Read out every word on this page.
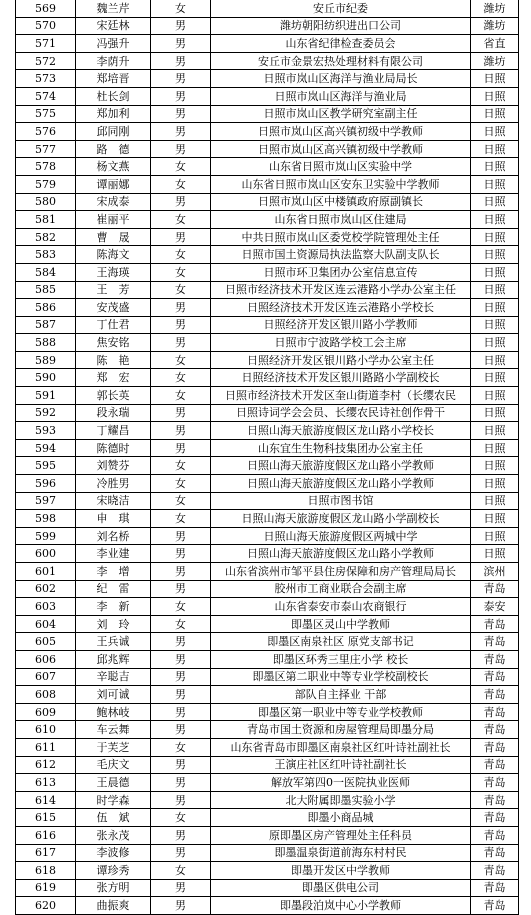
569	魏兰芹	女	安丘市纪委	潍坊
570	宋廷林	男	潍坊朝阳纺织进出口公司	潍坊
571	冯强升	男	山东省纪律检查委员会	省直
572	李荫升	男	安丘市金景宏热处理材料有限公司	潍坊
573	郑培晋	男	日照市岚山区海洋与渔业局局长	日照
574	杜长剑	男	日照市岚山区海洋与渔业局	日照
575	郑加利	男	日照市岚山区教学研究室副主任	日照
576	邱同刚	男	日照市岚山区高兴镇初级中学教师	日照
577	路　德	男	日照市岚山区高兴镇初级中学教师	日照
578	杨文燕	女	山东省日照市岚山区实验中学	日照
579	谭丽娜	女	山东省日照市岚山区安东卫实验中学教师	日照
580	宋成泰	男	日照市岚山区中楼镇政府原副镇长	日照
581	崔丽平	女	山东省日照市岚山区住建局	日照
582	曹　晟	男	中共日照市岚山区委党校学院管理处主任	日照
583	陈海文	女	日照市国土资源局执法监察大队副支队长	日照
584	王海瑛	女	日照市环卫集团办公室信息宣传	日照
585	王　芳	女	日照市经济技术开发区连云港路小学办公室主任	日照
586	安茂盛	男	日照经济技术开发区连云港路小学校长	日照
587	丁仕君	男	日照经济开发区银川路小学教师	日照
588	焦安铭	男	日照市宁波路学校工会主席	日照
589	陈　艳	女	日照经济开发区银川路小学办公室主任	日照
590	郑　宏	女	日照经济技术开发区银川路路小学副校长	日照
591	郭长英	女	日照市经济技术开发区奎山街道李村（长缨农民	日照
592	段永瑞	男	日照诗词学会会员、长缨农民诗社创作骨干	日照
593	丁耀昌	男	日照山海天旅游度假区龙山路小学校长	日照
594	陈德时	男	山东宜生生物科技集团办公室主任	日照
595	刘赞芬	女	日照山海天旅游度假区龙山路小学教师	日照
596	冷胜男	女	日照山海天旅游度假区龙山路小学教师	日照
597	宋晓洁	女	日照市图书馆	日照
598	申　琪	女	日照山海天旅游度假区龙山路小学副校长	日照
599	刘名桥	男	日照山海天旅游度假区两城中学	日照
600	李业建	男	日照山海天旅游度假区龙山路小学教师	日照
601	李　增	男	山东省滨州市邹平县住房保障和房产管理局局长	滨州
602	纪　雷	男	胶州市工商业联合会副主席	青岛
603	李　新	女	山东省泰安市泰山农商银行	泰安
604	刘　玲	女	即墨区灵山中学教师	青岛
605	王兵诚	男	即墨区南泉社区 原党支部书记	青岛
606	邱兆辉	男	即墨区环秀三里庄小学 校长	青岛
607	辛聪吉	男	即墨区第二职业中等专业学校副校长	青岛
608	刘可诚	男	部队自主择业 干部	青岛
609	鲍林岐	男	即墨区第一职业中等专业学校教师	青岛
610	车云舞	男	青岛市国土资源和房屋管理局即墨分局	青岛
611	于芙芝	女	山东省青岛市即墨区南泉社区红叶诗社副社长	青岛
612	毛庆文	男	王演庄社区红叶诗社副社长	青岛
613	王晨德	男	解放军第四0一医院执业医师	青岛
614	时学森	男	北大附属即墨实验小学	青岛
615	伍　斌	女	即墨小商品城	青岛
616	张永茂	男	原即墨区房产管理处主任科员	青岛
617	李波修	男	即墨温泉街道前海东村村民	青岛
618	谭珍秀	女	即墨开发区中学教师	青岛
619	张方明	男	即墨区供电公司	青岛
620	曲振爽	男	即墨段泊岚中心小学教师	青岛
